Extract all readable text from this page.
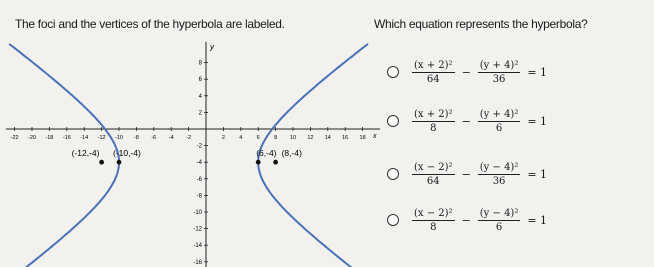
The foci and the vertices of the hyperbola are labeled.	Which equation represents the hyperbola?
y
x
-22 -20 -18 -16 -14 -12 -10 -8 -6 -4 -2	2	4	6	8 10 12 14 16 18
8
6
4
2
-2
-4
-6
-8
-10
-12
-14
-16
(-12,-4) (-10,-4)	(6,-4) (8,-4)
$\frac{\text{(x + 2)²}}{64} - \frac{\text{(y + 4)²}}{36} = 1$
$\frac{\text{(x + 2)²}}{8} - \frac{\text{(y + 4)²}}{6} = 1$
$\frac{\text{(x − 2)²}}{64} - \frac{\text{(y − 4)²}}{36} = 1$
$\frac{\text{(x − 2)²}}{8} - \frac{\text{(y − 4)²}}{6} = 1$
